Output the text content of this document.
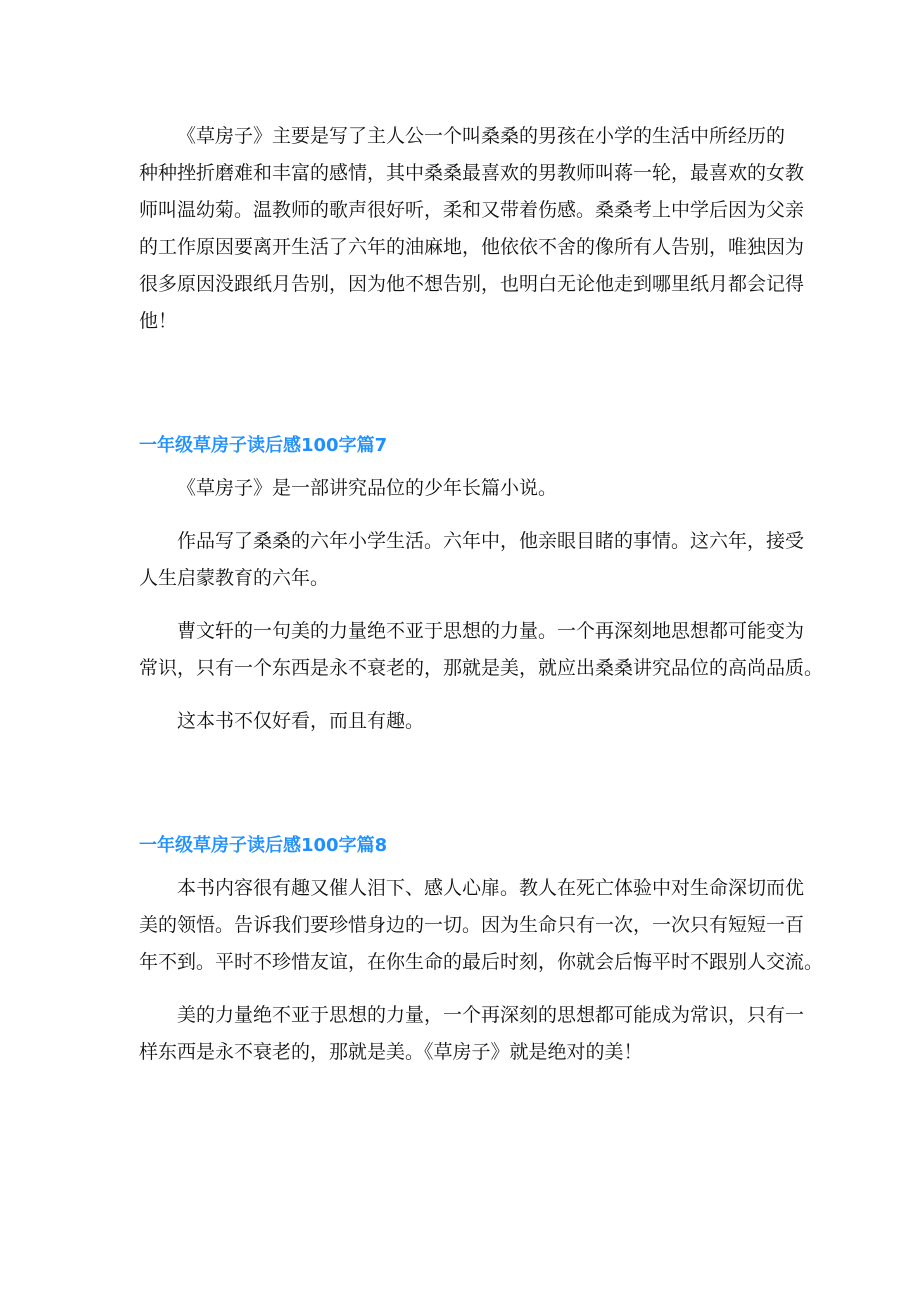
《草房子》主要是写了主人公一个叫桑桑的男孩在小学的生活中所经历的
种种挫折磨难和丰富的感情，其中桑桑最喜欢的男教师叫蒋一轮，最喜欢的女教
师叫温幼菊。温教师的歌声很好听，柔和又带着伤感。桑桑考上中学后因为父亲
的工作原因要离开生活了六年的油麻地，他依依不舍的像所有人告别，唯独因为
很多原因没跟纸月告别，因为他不想告别，也明白无论他走到哪里纸月都会记得
他！
一年级草房子读后感100字篇7
《草房子》是一部讲究品位的少年长篇小说。
作品写了桑桑的六年小学生活。六年中，他亲眼目睹的事情。这六年，接受
人生启蒙教育的六年。
曹文轩的一句美的力量绝不亚于思想的力量。一个再深刻地思想都可能变为
常识，只有一个东西是永不衰老的，那就是美，就应出桑桑讲究品位的高尚品质。
这本书不仅好看，而且有趣。
一年级草房子读后感100字篇8
本书内容很有趣又催人泪下、感人心扉。教人在死亡体验中对生命深切而优
美的领悟。告诉我们要珍惜身边的一切。因为生命只有一次，一次只有短短一百
年不到。平时不珍惜友谊，在你生命的最后时刻，你就会后悔平时不跟别人交流。
美的力量绝不亚于思想的力量，一个再深刻的思想都可能成为常识，只有一
样东西是永不衰老的，那就是美。《草房子》就是绝对的美！
